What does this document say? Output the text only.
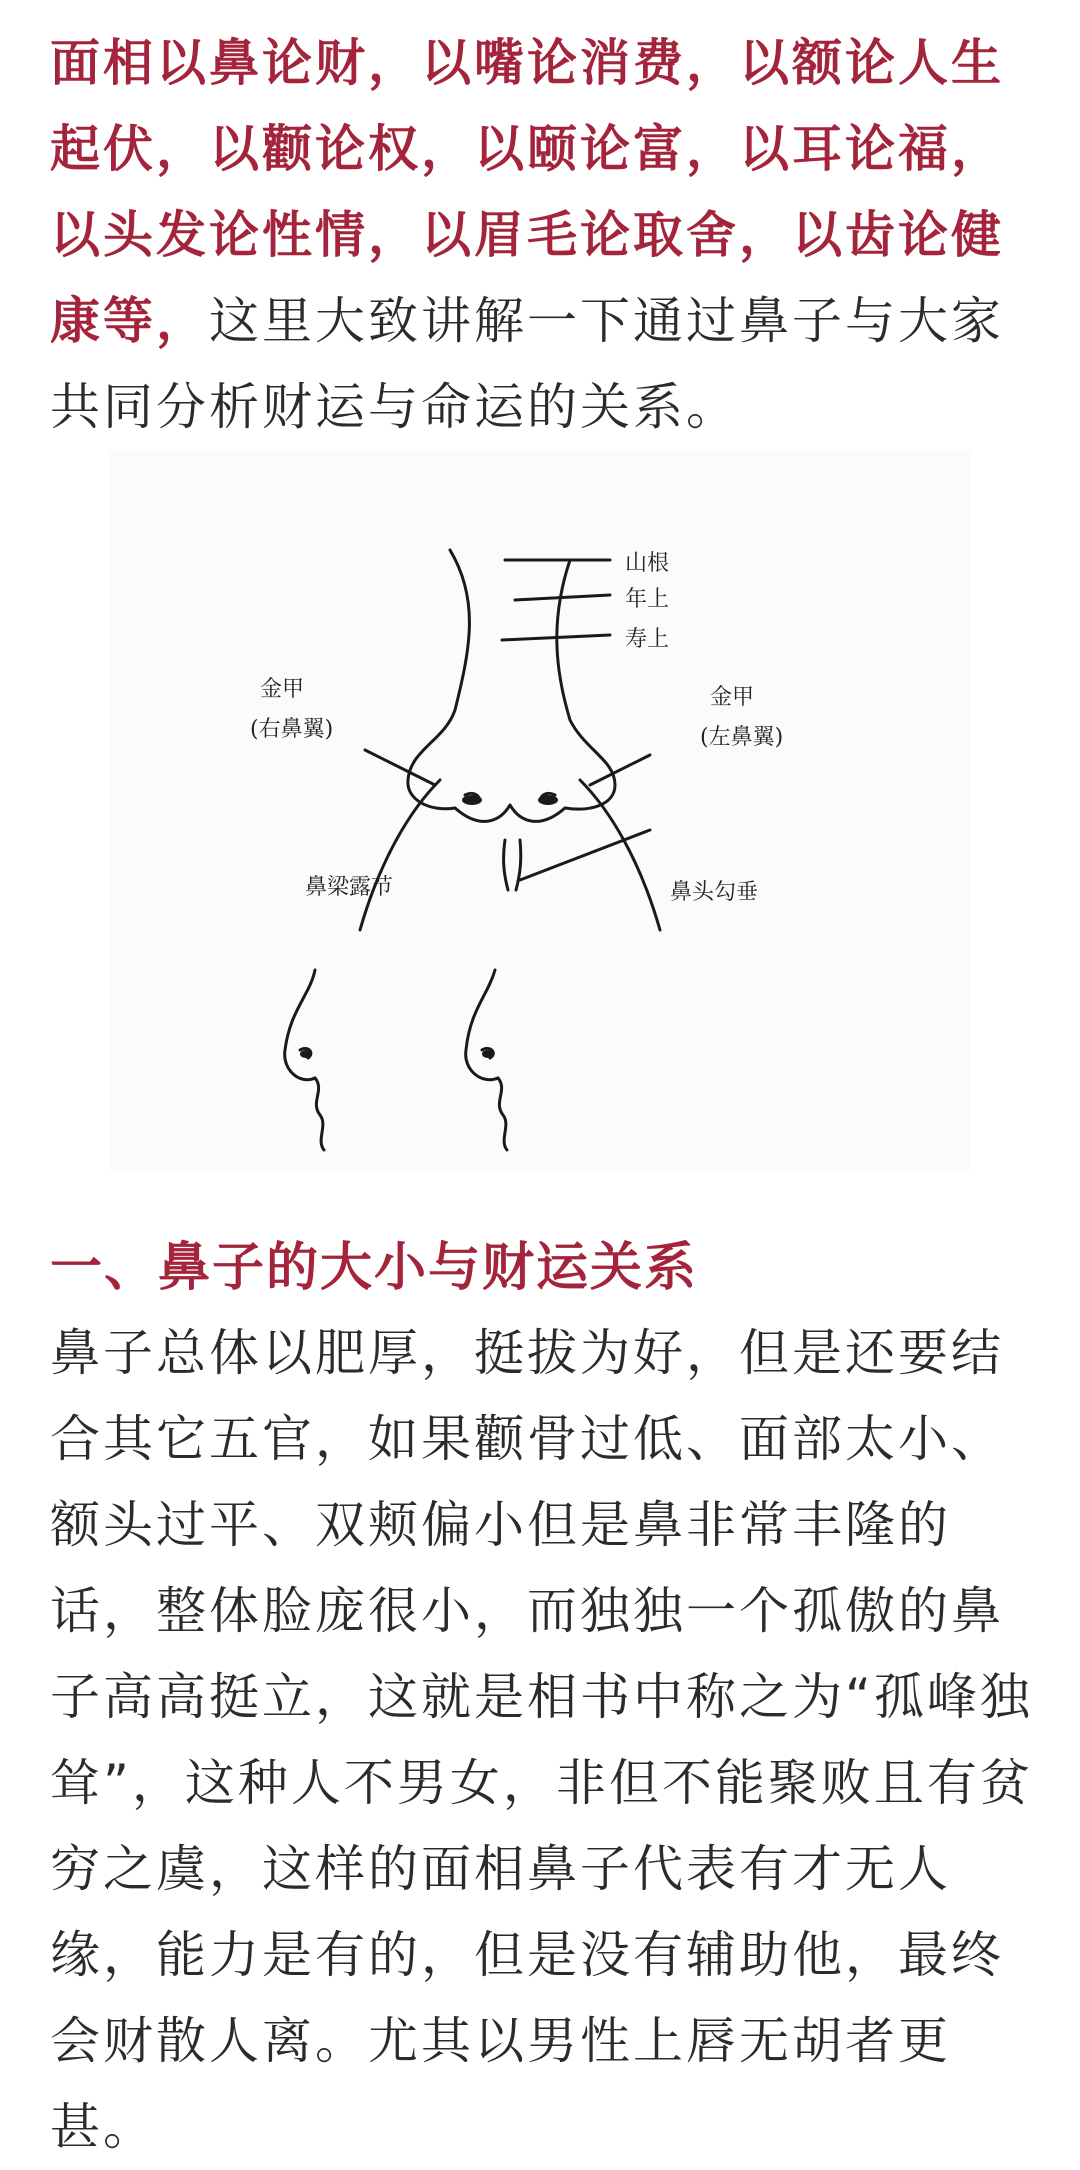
面相以鼻论财，以嘴论消费，以额论人生起伏，以颧论权，以颐论富，以耳论福，以头发论性情，以眉毛论取舍，以齿论健康等，这里大致讲解一下通过鼻子与大家共同分析财运与命运的关系。

山根
年上
寿上
金甲
(右鼻翼)
金甲
(左鼻翼)
鼻梁露节	鼻头勾垂
一、鼻子的大小与财运关系

鼻子总体以肥厚，挺拔为好，但是还要结合其它五官，如果颧骨过低、面部太小、额头过平、双颊偏小但是鼻非常丰隆的话，整体脸庞很小，而独独一个孤傲的鼻子高高挺立，这就是相书中称之为“孤峰独耸”，这种人不男女，非但不能聚败且有贫穷之虞，这样的面相鼻子代表有才无人缘，能力是有的，但是没有辅助他，最终会财散人离。尤其以男性上唇无胡者更甚。
